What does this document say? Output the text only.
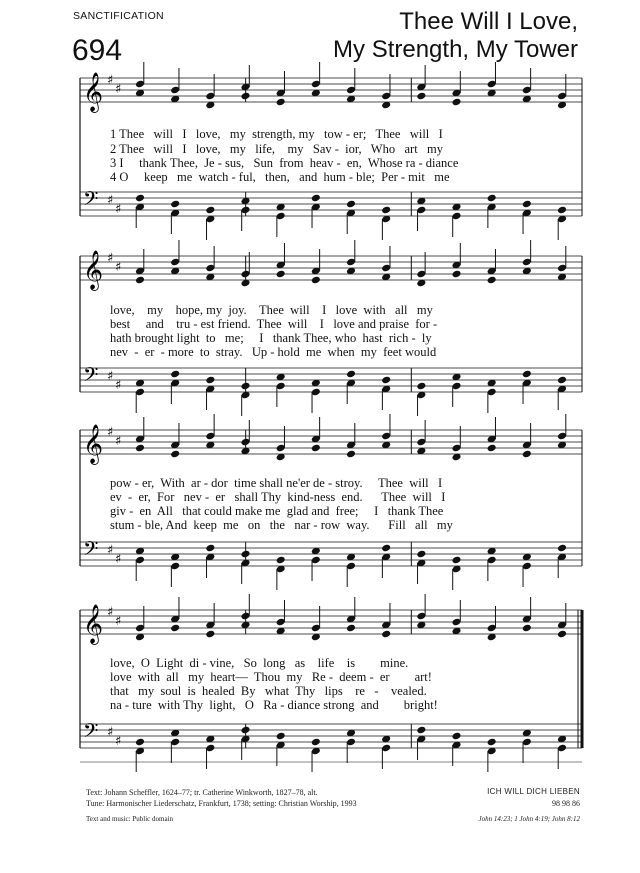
SANCTIFICATION
694
Thee Will I Love,
My Strength, My Tower
𝄞 ♯
♯
𝄢 ♯
♯
𝄞 ♯
♯
𝄢 ♯
♯
𝄞 ♯
♯
𝄢 ♯
♯
𝄞 ♯
♯
𝄢 ♯
♯
1 Thee   will   I   love,   my  strength, my   tow - er;   Thee   will   I
2 Thee   will   I   love,   my   life,    my   Sav -  ior,   Who   art   my
3 I     thank Thee,  Je - sus,   Sun  from  heav -  en,  Whose ra - diance
4 O     keep   me  watch - ful,   then,   and  hum - ble;  Per - mit   me
love,    my    hope, my  joy.    Thee  will    I   love  with   all   my
best     and    tru - est friend.  Thee  will    I   love and praise  for -
hath brought light  to   me;     I   thank Thee, who  hast  rich -  ly
nev  -  er  - more  to  stray.   Up - hold  me  when  my  feet would
pow - er,  With  ar - dor  time shall ne'er de - stroy.     Thee  will   I
ev  -  er,  For   nev -  er   shall Thy  kind-ness  end.      Thee  will   I
giv -  en  All   that could make me  glad and  free;     I   thank Thee
stum - ble, And  keep  me   on   the   nar - row  way.      Fill   all   my
love,  O  Light  di - vine,   So  long   as    life    is        mine.
love  with  all   my  heart—  Thou  my   Re -  deem -  er        art!
that   my  soul  is  healed  By   what  Thy   lips    re   -    vealed.
na - ture  with Thy  light,   O   Ra - diance strong  and        bright!
Text: Johann Scheffler, 1624–77; tr. Catherine Winkworth, 1827–78, alt.
Tune: Harmonischer Liederschatz, Frankfurt, 1738; setting: Christian Worship, 1993
ICH WILL DICH LIEBEN
98 98 86
Text and music: Public domain	John 14:23; 1 John 4:19; John 8:12
